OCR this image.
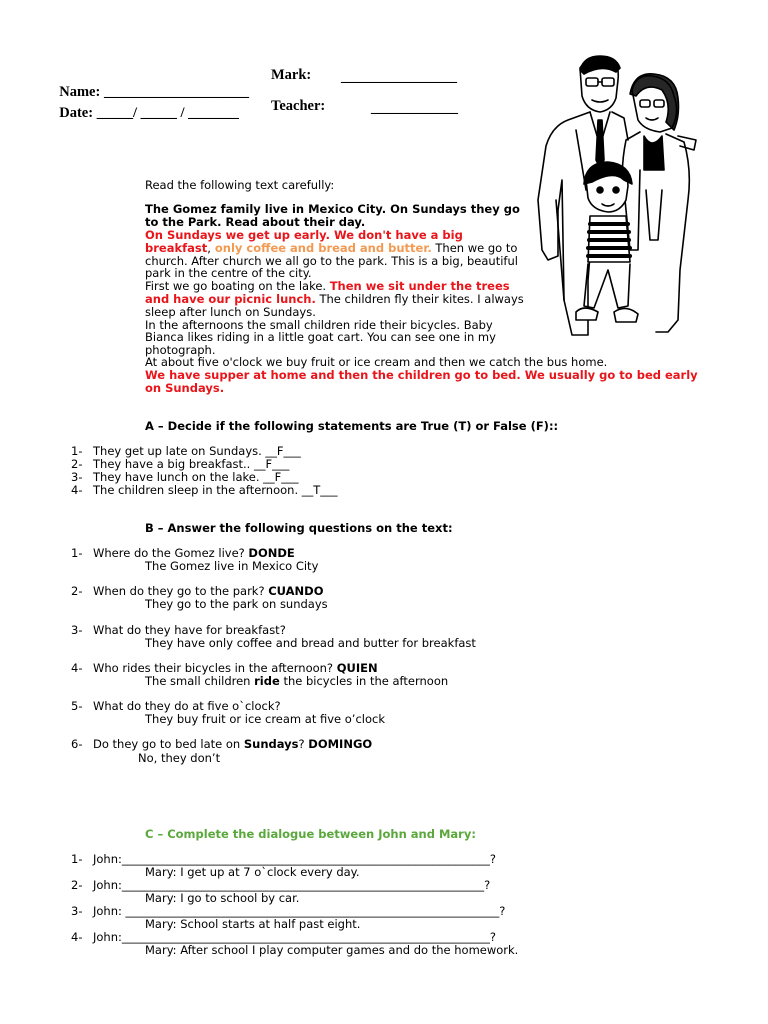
Name: ____________________

Date: _____/ _____ / _______

Mark: ________________
Teacher:	____________
Read the following text carefully:
The Gomez family live in Mexico City. On Sundays they go to the Park. Read about their day.

On Sundays we get up early. We don't have a big breakfast, only coffee and bread and butter. Then we go to church. After church we all go to the park. This is a big, beautiful park in the centre of the city.

First we go boating on the lake. Then we sit under the trees and have our picnic lunch. The children fly their kites. I always sleep after lunch on Sundays.

In the afternoons the small children ride their bicycles. Baby Bianca likes riding in a little goat cart. You can see one in my photograph.

At about five o'clock we buy fruit or ice cream and then we catch the bus home.

We have supper at home and then the children go to bed. We usually go to bed early on Sundays.

A – Decide if the following statements are True (T) or False (F)::
1- They get up late on Sundays. __F___
2- They have a big breakfast.. __F___
3- They have lunch on the lake. __F___
4- The children sleep in the afternoon. __T___
B – Answer the following questions on the text:
1- Where do the Gomez live? DONDE
The Gomez live in Mexico City
2- When do they go to the park? CUANDO
They go to the park on sundays
3- What do they have for breakfast?
They have only coffee and bread and butter for breakfast
4- Who rides their bicycles in the afternoon? QUIEN
The small children ride the bicycles in the afternoon
5- What do they do at five o`clock?
They buy fruit or ice cream at five o’clock
6- Do they go to bed late on Sundays? DOMINGO
No, they don’t
C – Complete the dialogue between John and Mary:
1- John:________________________________________________________________?
Mary: I get up at 7 o`clock every day.
2- John:_______________________________________________________________?
Mary: I go to school by car.
3- John: _________________________________________________________________?
Mary: School starts at half past eight.
4- John:________________________________________________________________?
Mary: After school I play computer games and do the homework.
